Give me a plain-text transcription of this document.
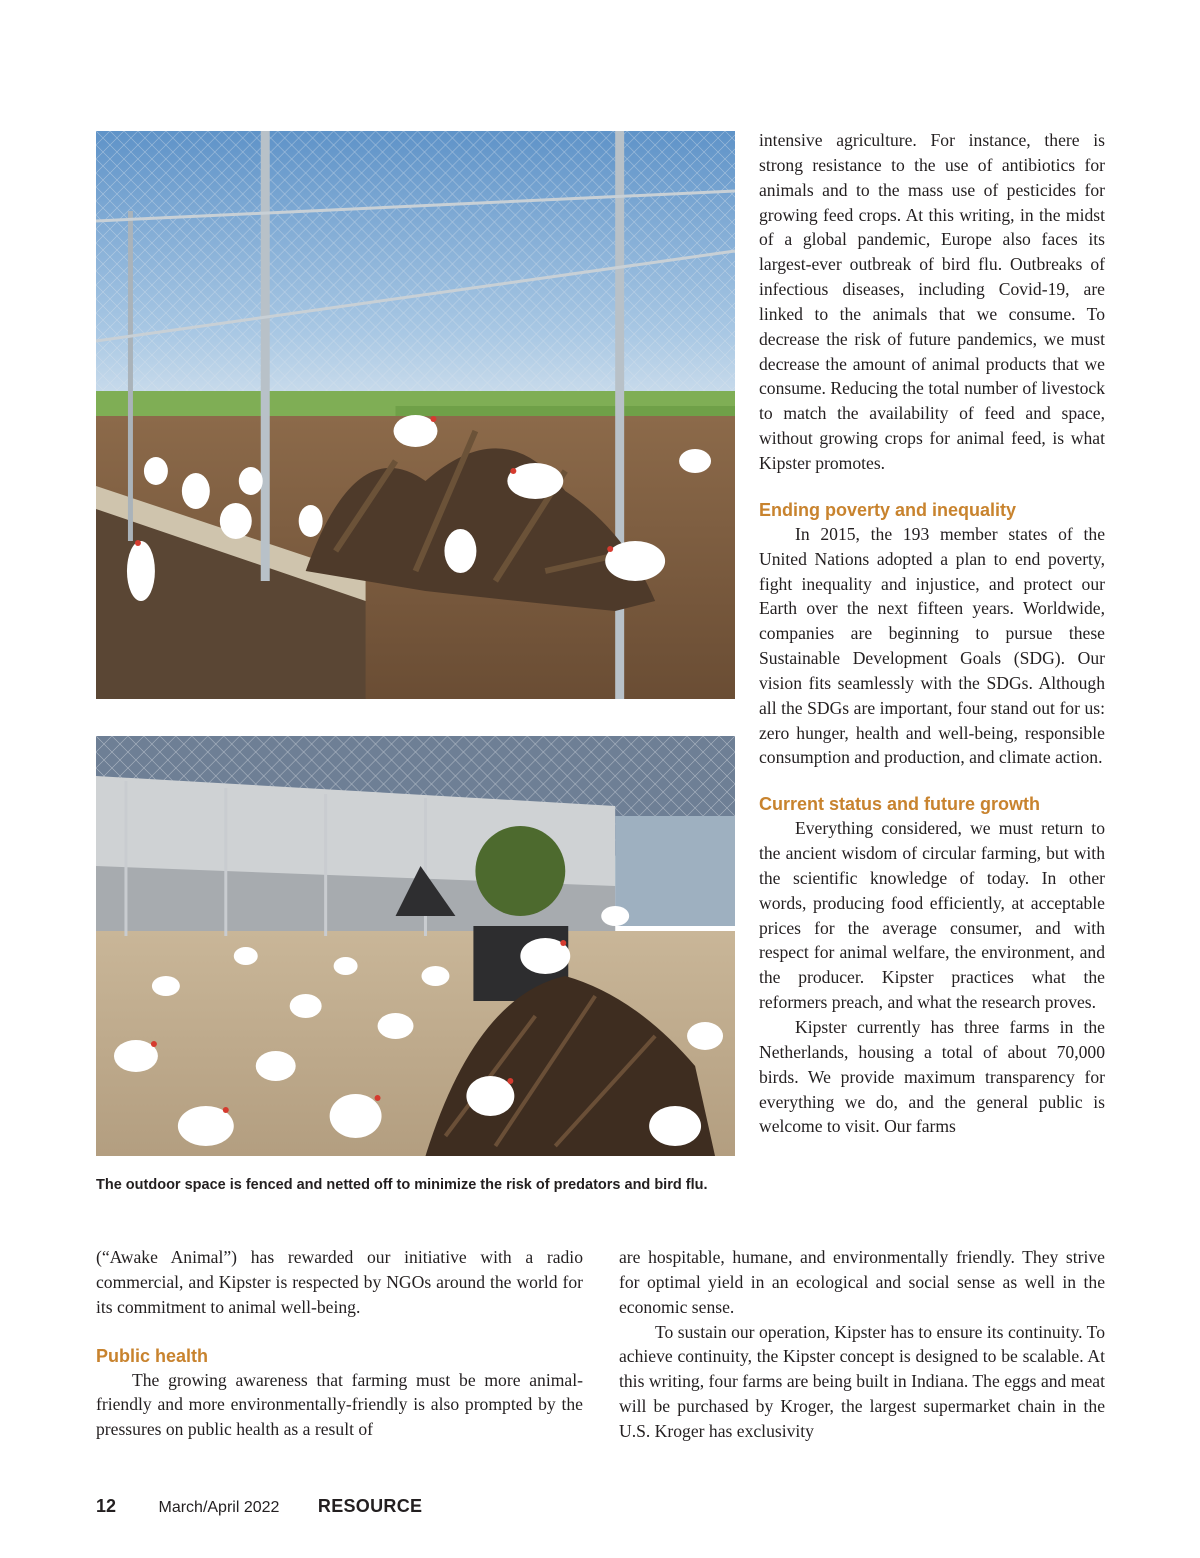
The outdoor space is fenced and netted off to minimize the risk of predators and bird flu.

intensive agriculture. For instance, there is strong resistance to the use of antibiotics for animals and to the mass use of pesticides for growing feed crops. At this writing, in the midst of a global pandemic, Europe also faces its largest-ever outbreak of bird flu. Outbreaks of infectious diseases, including Covid-19, are linked to the animals that we consume. To decrease the risk of future pandemics, we must decrease the amount of animal products that we consume. Reducing the total number of livestock to match the availability of feed and space, without growing crops for animal feed, is what Kipster promotes.

Ending poverty and inequality

In 2015, the 193 member states of the United Nations adopted a plan to end poverty, fight inequality and injustice, and protect our Earth over the next fifteen years. Worldwide, companies are beginning to pursue these Sustainable Development Goals (SDG). Our vision fits seamlessly with the SDGs. Although all the SDGs are important, four stand out for us: zero hunger, health and well-being, responsible consumption and production, and climate action.

Current status and future growth

Everything considered, we must return to the ancient wisdom of circular farming, but with the scientific knowledge of today. In other words, producing food efficiently, at acceptable prices for the average consumer, and with respect for animal welfare, the environment, and the producer. Kipster practices what the reformers preach, and what the research proves.

Kipster currently has three farms in the Netherlands, housing a total of about 70,000 birds. We provide maximum transparency for everything we do, and the general public is welcome to visit. Our farms

are hospitable, humane, and environmentally friendly. They strive for optimal yield in an ecological and social sense as well in the economic sense.

To sustain our operation, Kipster has to ensure its continuity. To achieve continuity, the Kipster concept is designed to be scalable. At this writing, four farms are being built in Indiana. The eggs and meat will be purchased by Kroger, the largest supermarket chain in the U.S. Kroger has exclusivity

(“Awake Animal”) has rewarded our initiative with a radio commercial, and Kipster is respected by NGOs around the world for its commitment to animal well-being.

Public health

The growing awareness that farming must be more animal-friendly and more environmentally-friendly is also prompted by the pressures on public health as a result of

12	March/April 2022 RESOURCE
